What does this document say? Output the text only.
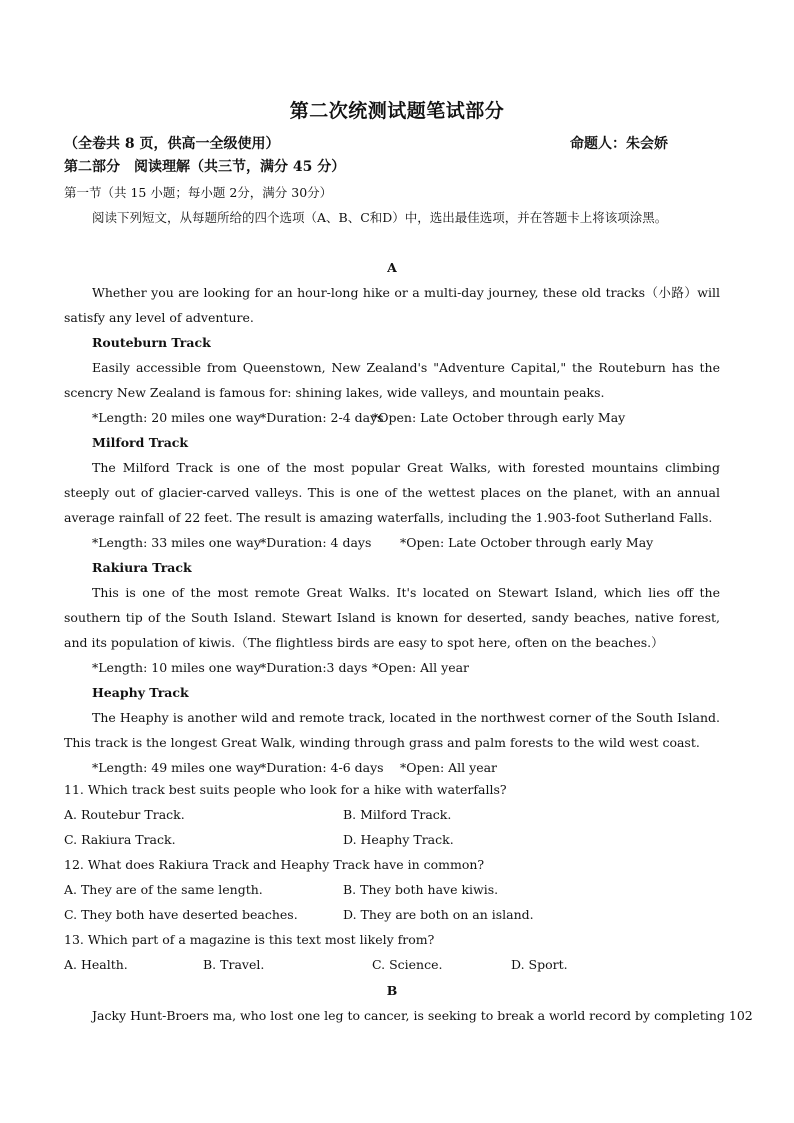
第二次统测试题笔试部分
（全卷共 8 页，供高一全级使用）	命题人：朱会娇
第二部分　阅读理解（共三节，满分 45 分）
第一节（共 15 小题；每小题 2分，满分 30分）
阅读下列短文，从每题所给的四个选项（A、B、C和D）中，选出最佳选项，并在答题卡上将该项涂黑。
A
Whether you are looking for an hour-long hike or a multi-day journey, these old tracks（小路）will satisfy any level of adventure.
Routeburn Track
Easily accessible from Queenstown, New Zealand's "Adventure Capital," the Routeburn has the scencry New Zealand is famous for: shining lakes, wide valleys, and mountain peaks.
*Length: 20 miles one way *Duration: 2-4 days
*Open: Late October through early May
Milford Track
The Milford Track is one of the most popular Great Walks, with forested mountains climbing steeply out of glacier-carved valleys. This is one of the wettest places on the planet, with an annual average rainfall of 22 feet. The result is amazing waterfalls, including the 1.903-foot Sutherland Falls.
*Length: 33 miles one way *Duration: 4 days *Open: Late October through early May
Rakiura Track
This is one of the most remote Great Walks. It's located on Stewart Island, which lies off the southern tip of the South Island. Stewart Island is known for deserted, sandy beaches, native forest, and its population of kiwis.（The flightless birds are easy to spot here, often on the beaches.）
*Length: 10 miles one way *Duration:3 days *Open: All year
Heaphy Track
The Heaphy is another wild and remote track, located in the northwest corner of the South Island. This track is the longest Great Walk, winding through grass and palm forests to the wild west coast.
*Length: 49 miles one way *Duration: 4-6 days *Open: All year
11. Which track best suits people who look for a hike with waterfalls?
A. Routebur Track.	B. Milford Track.
C. Rakiura Track.	D. Heaphy Track.
12. What does Rakiura Track and Heaphy Track have in common?
A. They are of the same length.	B. They both have kiwis.
C. They both have deserted beaches.	D. They are both on an island.
13. Which part of a magazine is this text most likely from?
A. Health.	B. Travel.	C. Science.	D. Sport.
B
Jacky Hunt-Broers ma, who lost one leg to cancer, is seeking to break a world record by completing 102
